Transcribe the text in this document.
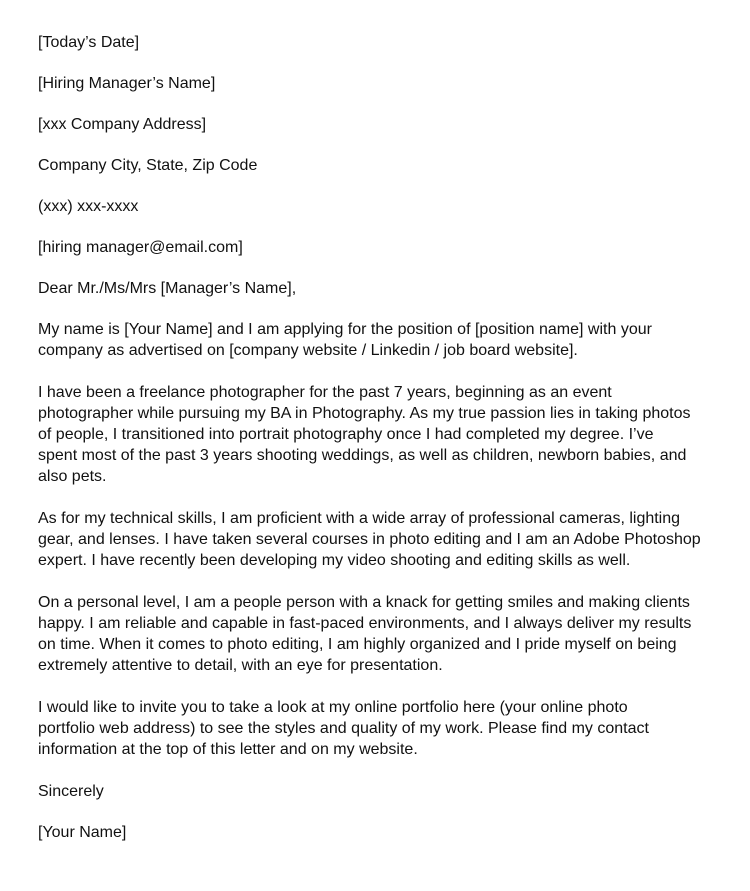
[Today’s Date]
[Hiring Manager’s Name]
[xxx Company Address]
Company City, State, Zip Code
(xxx) xxx-xxxx
[hiring manager@email.com]
Dear Mr./Ms/Mrs [Manager’s Name],
My name is [Your Name] and I am applying for the position of [position name] with your
company as advertised on [company website / Linkedin / job board website].
I have been a freelance photographer for the past 7 years, beginning as an event
photographer while pursuing my BA in Photography. As my true passion lies in taking photos
of people, I transitioned into portrait photography once I had completed my degree. I’ve
spent most of the past 3 years shooting weddings, as well as children, newborn babies, and
also pets.
As for my technical skills, I am proficient with a wide array of professional cameras, lighting
gear, and lenses. I have taken several courses in photo editing and I am an Adobe Photoshop
expert. I have recently been developing my video shooting and editing skills as well.
On a personal level, I am a people person with a knack for getting smiles and making clients
happy. I am reliable and capable in fast-paced environments, and I always deliver my results
on time. When it comes to photo editing, I am highly organized and I pride myself on being
extremely attentive to detail, with an eye for presentation.
I would like to invite you to take a look at my online portfolio here (your online photo
portfolio web address) to see the styles and quality of my work. Please find my contact
information at the top of this letter and on my website.
Sincerely
[Your Name]
